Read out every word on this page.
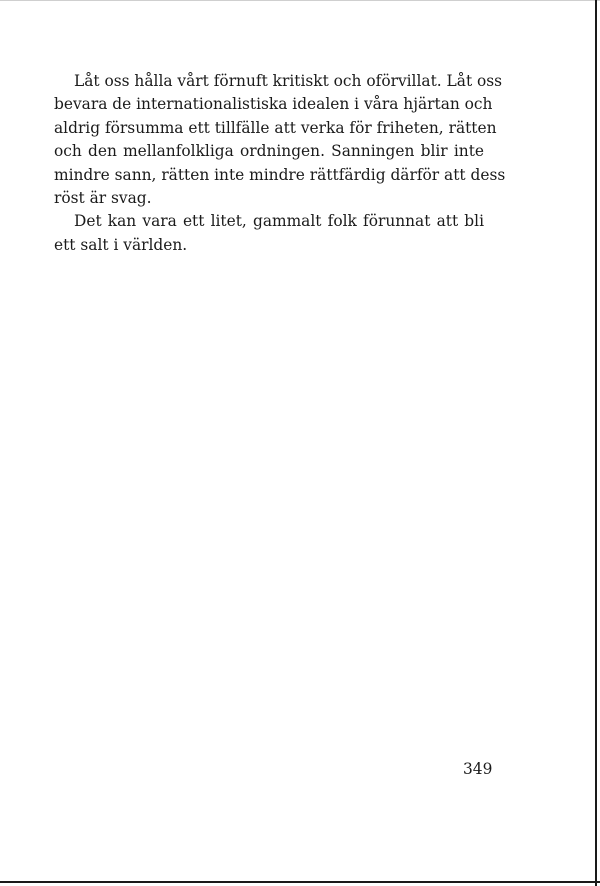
Låt oss hålla vårt förnuft kritiskt och oförvillat. Låt oss
bevara de internationalistiska idealen i våra hjärtan och
aldrig försumma ett tillfälle att verka för friheten, rätten
och den mellanfolkliga ordningen. Sanningen blir inte
mindre sann, rätten inte mindre rättfärdig därför att dess
röst är svag.

Det kan vara ett litet, gammalt folk förunnat att bli
ett salt i världen.

349
